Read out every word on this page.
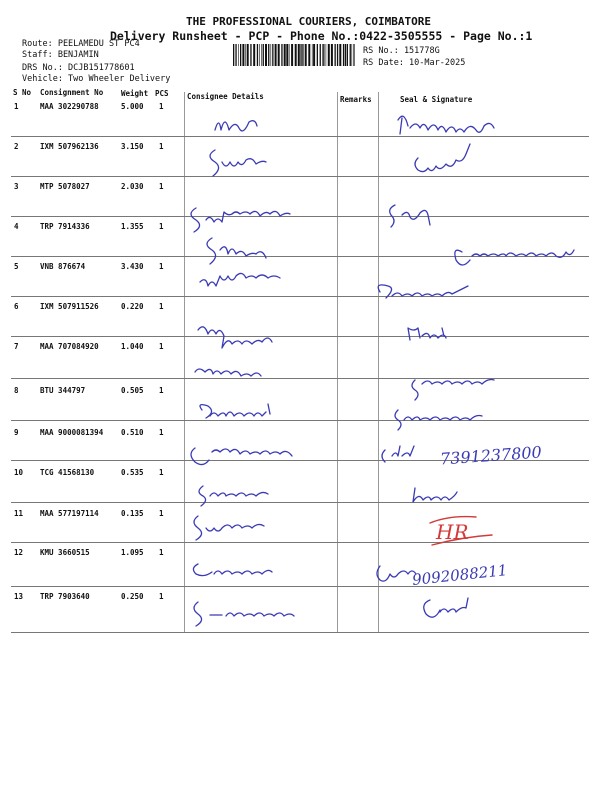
THE PROFESSIONAL COURIERS, COIMBATORE
Delivery Runsheet - PCP - Phone No.:0422-3505555 - Page No.:1
Route: PEELAMEDU ST PC4
Staff: BENJAMIN
DRS No.: DCJB151778601
Vehicle: Two Wheeler Delivery
RS No.: 151778G
RS Date: 10-Mar-2025
S No Consignment No Weight PCS Consignee Details	Remarks	Seal & Signature
1	MAA 302290788	5.000 1
2	IXM 507962136	3.150 1
3	MTP 5078027	2.030 1
4	TRP 7914336	1.355 1
5	VNB 876674	3.430 1
6	IXM 507911526	0.220 1
7	MAA 707084920	1.040 1
8	BTU 344797	0.505 1
9	MAA 9000081394 0.510 1
10 TCG 41568130	0.535 1
11 MAA 577197114	0.135 1
12 KMU 3660515	1.095 1
13 TRP 7903640	0.250 1
7391237800
HR
9092088211
